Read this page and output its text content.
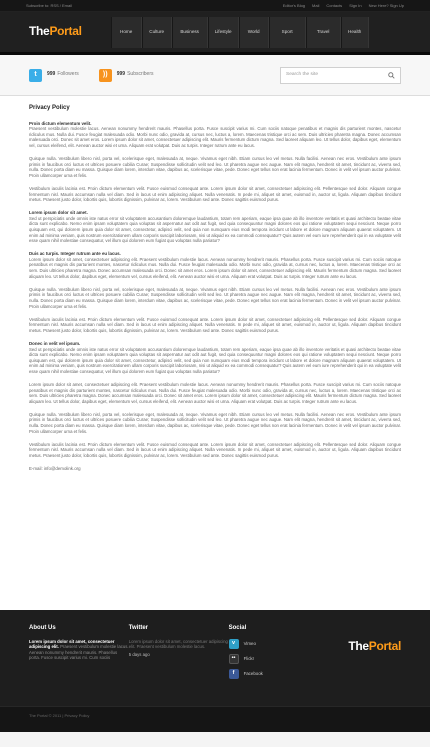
Subscribe to: RSS / Email	Editor's Blog Mail Contacts Sign In New Here? Sign Up
ThePortal	Home	Culture	Business	Lifestyle	World	Sport	Travel	Health
t	999 Followers	))	999 Subscribers	Search the site
Privacy Policy

Proin dictum elementum velit.
Praesent vestibulum molestie lacus. Aenean nonummy hendrerit mauris. Phasellus porta. Fusce suscipit varius mi. Cum sociis natoque penatibus et magnis dis parturient montes, nascetur ridiculus mus. Nulla dui. Fusce feugiat malesuada odio. Morbi nunc odio, gravida at, cursus nec, luctus a, lorem. Maecenas tristique orci ac sem. Duis ultricies pharetra magna. Donec accumsan malesuada orci. Donec sit amet eros. Lorem ipsum dolor sit amet, consectetuer adipiscing elit. Mauris fermentum dictum magna. Sed laoreet aliquam leo. Ut tellus dolor, dapibus eget, elementum vel, cursus eleifend, elit. Aenean auctor wisi et urna. Aliquam erat volutpat. Duis ac turpis. Integer rutrum ante eu lacus.

Quisque nulla. Vestibulum libero nisl, porta vel, scelerisque eget, malesuada at, neque. Vivamus eget nibh. Etiam cursus leo vel metus. Nulla facilisi. Aenean nec eros. Vestibulum ante ipsum primis in faucibus orci luctus et ultrices posuere cubilia Curae; Suspendisse sollicitudin velit sed leo. Ut pharetra augue nec augue. Nam elit magna, hendrerit sit amet, tincidunt ac, viverra sed, nulla. Donec porta diam eu massa. Quisque diam lorem, interdum vitae, dapibus ac, scelerisque vitae, pede. Donec eget tellus non erat lacinia fermentum. Donec in velit vel ipsum auctor pulvinar. Proin ullamcorper urna et felis.

Vestibulum iaculis lacinia est. Proin dictum elementum velit. Fusce euismod consequat ante. Lorem ipsum dolor sit amet, consectetuer adipiscing elit. Pellentesque sed dolor. Aliquam congue fermentum nisl. Mauris accumsan nulla vel diam. Sed in lacus ut enim adipiscing aliquet. Nulla venenatis. In pede mi, aliquet sit amet, euismod in, auctor ut, ligula. Aliquam dapibus tincidunt metus. Praesent justo dolor, lobortis quis, lobortis dignissim, pulvinar ac, lorem. Vestibulum sed ante. Donec sagittis euismod purus.

Lorem ipsum dolor sit amet.
Sed ut perspiciatis unde omnis iste natus error sit voluptatem accusantium doloremque laudantium, totam rem aperiam, eaque ipsa quae ab illo inventore veritatis et quasi architecto beatae vitae dicta sunt explicabo. Nemo enim ipsam voluptatem quia voluptas sit aspernatur aut odit aut fugit, sed quia consequuntur magni dolores eos qui ratione voluptatem sequi nesciunt. Neque porro quisquam est, qui dolorem ipsum quia dolor sit amet, consectetur, adipisci velit, sed quia non numquam eius modi tempora incidunt ut labore et dolore magnam aliquam quaerat voluptatem. Ut enim ad minima veniam, quis nostrum exercitationem ullam corporis suscipit laboriosam, nisi ut aliquid ex ea commodi consequatur? Quis autem vel eum iure reprehenderit qui in ea voluptate velit esse quam nihil molestiae consequatur, vel illum qui dolorem eum fugiat quo voluptas nulla pariatur?

Duis ac turpis. Integer rutrum ante eu lacus.
Lorem ipsum dolor sit amet, consectetuer adipiscing elit. Praesent vestibulum molestie lacus. Aenean nonummy hendrerit mauris. Phasellus porta. Fusce suscipit varius mi. Cum sociis natoque penatibus et magnis dis parturient montes, nascetur ridiculus mus. Nulla dui. Fusce feugiat malesuada odio. Morbi nunc odio, gravida at, cursus nec, luctus a, lorem. Maecenas tristique orci ac sem. Duis ultricies pharetra magna. Donec accumsan malesuada orci. Donec sit amet eros. Lorem ipsum dolor sit amet, consectetuer adipiscing elit. Mauris fermentum dictum magna. Sed laoreet aliquam leo. Ut tellus dolor, dapibus eget, elementum vel, cursus eleifend, elit. Aenean auctor wisi et urna. Aliquam erat volutpat. Duis ac turpis. Integer rutrum ante eu lacus.

Quisque nulla. Vestibulum libero nisl, porta vel, scelerisque eget, malesuada at, neque. Vivamus eget nibh. Etiam cursus leo vel metus. Nulla facilisi. Aenean nec eros. Vestibulum ante ipsum primis in faucibus orci luctus et ultrices posuere cubilia Curae; Suspendisse sollicitudin velit sed leo. Ut pharetra augue nec augue. Nam elit magna, hendrerit sit amet, tincidunt ac, viverra sed, nulla. Donec porta diam eu massa. Quisque diam lorem, interdum vitae, dapibus ac, scelerisque vitae, pede. Donec eget tellus non erat lacinia fermentum. Donec in velit vel ipsum auctor pulvinar. Proin ullamcorper urna et felis.

Vestibulum iaculis lacinia est. Proin dictum elementum velit. Fusce euismod consequat ante. Lorem ipsum dolor sit amet, consectetuer adipiscing elit. Pellentesque sed dolor. Aliquam congue fermentum nisl. Mauris accumsan nulla vel diam. Sed in lacus ut enim adipiscing aliquet. Nulla venenatis. In pede mi, aliquet sit amet, euismod in, auctor ut, ligula. Aliquam dapibus tincidunt metus. Praesent justo dolor, lobortis quis, lobortis dignissim, pulvinar ac, lorem. Vestibulum sed ante. Donec sagittis euismod purus.

Donec in velit vel ipsum.
Sed ut perspiciatis unde omnis iste natus error sit voluptatem accusantium doloremque laudantium, totam rem aperiam, eaque ipsa quae ab illo inventore veritatis et quasi architecto beatae vitae dicta sunt explicabo. Nemo enim ipsam voluptatem quia voluptas sit aspernatur aut odit aut fugit, sed quia consequuntur magni dolores eos qui ratione voluptatem sequi nesciunt. Neque porro quisquam est, qui dolorem ipsum quia dolor sit amet, consectetur, adipisci velit, sed quia non numquam eius modi tempora incidunt ut labore et dolore magnam aliquam quaerat voluptatem. Ut enim ad minima veniam, quis nostrum exercitationem ullam corporis suscipit laboriosam, nisi ut aliquid ex ea commodi consequatur? Quis autem vel eum iure reprehenderit qui in ea voluptate velit esse quam nihil molestiae consequatur, vel illum qui dolorem eum fugiat quo voluptas nulla pariatur?

Lorem ipsum dolor sit amet, consectetuer adipiscing elit. Praesent vestibulum molestie lacus. Aenean nonummy hendrerit mauris. Phasellus porta. Fusce suscipit varius mi. Cum sociis natoque penatibus et magnis dis parturient montes, nascetur ridiculus mus. Nulla dui. Fusce feugiat malesuada odio. Morbi nunc odio, gravida at, cursus nec, luctus a, lorem. Maecenas tristique orci ac sem. Duis ultricies pharetra magna. Donec accumsan malesuada orci. Donec sit amet eros. Lorem ipsum dolor sit amet, consectetuer adipiscing elit. Mauris fermentum dictum magna. Sed laoreet aliquam leo. Ut tellus dolor, dapibus eget, elementum vel, cursus eleifend, elit. Aenean auctor wisi et urna. Aliquam erat volutpat. Duis ac turpis. Integer rutrum ante eu lacus.

Quisque nulla. Vestibulum libero nisl, porta vel, scelerisque eget, malesuada at, neque. Vivamus eget nibh. Etiam cursus leo vel metus. Nulla facilisi. Aenean nec eros. Vestibulum ante ipsum primis in faucibus orci luctus et ultrices posuere cubilia Curae; Suspendisse sollicitudin velit sed leo. Ut pharetra augue nec augue. Nam elit magna, hendrerit sit amet, tincidunt ac, viverra sed, nulla. Donec porta diam eu massa. Quisque diam lorem, interdum vitae, dapibus ac, scelerisque vitae, pede. Donec eget tellus non erat lacinia fermentum. Donec in velit vel ipsum auctor pulvinar. Proin ullamcorper urna et felis.

Vestibulum iaculis lacinia est. Proin dictum elementum velit. Fusce euismod consequat ante. Lorem ipsum dolor sit amet, consectetuer adipiscing elit. Pellentesque sed dolor. Aliquam congue fermentum nisl. Mauris accumsan nulla vel diam. Sed in lacus ut enim adipiscing aliquet. Nulla venenatis. In pede mi, aliquet sit amet, euismod in, auctor ut, ligula. Aliquam dapibus tincidunt metus. Praesent justo dolor, lobortis quis, lobortis dignissim, pulvinar ac, lorem. Vestibulum sed ante. Donec sagittis euismod purus.

E-mail: info@demolink.org
About Us
Lorem ipsum dolor sit amet, consectetuer adipiscing elit. Praesent vestibulum molestie lacus. Aenean nonummy hendrerit mauris. Phasellus porta. Fusce suscipit varius mi. Cum sociis
Twitter
Lorem ipsum dolor sit amet, consectetuer adipiscing elit. Praesent vestibulum molestie lacus.
5 days ago
Social
v	Vimeo
••	Flickr
f	Facebook
ThePortal
The Portal © 2011 | Privacy Policy
